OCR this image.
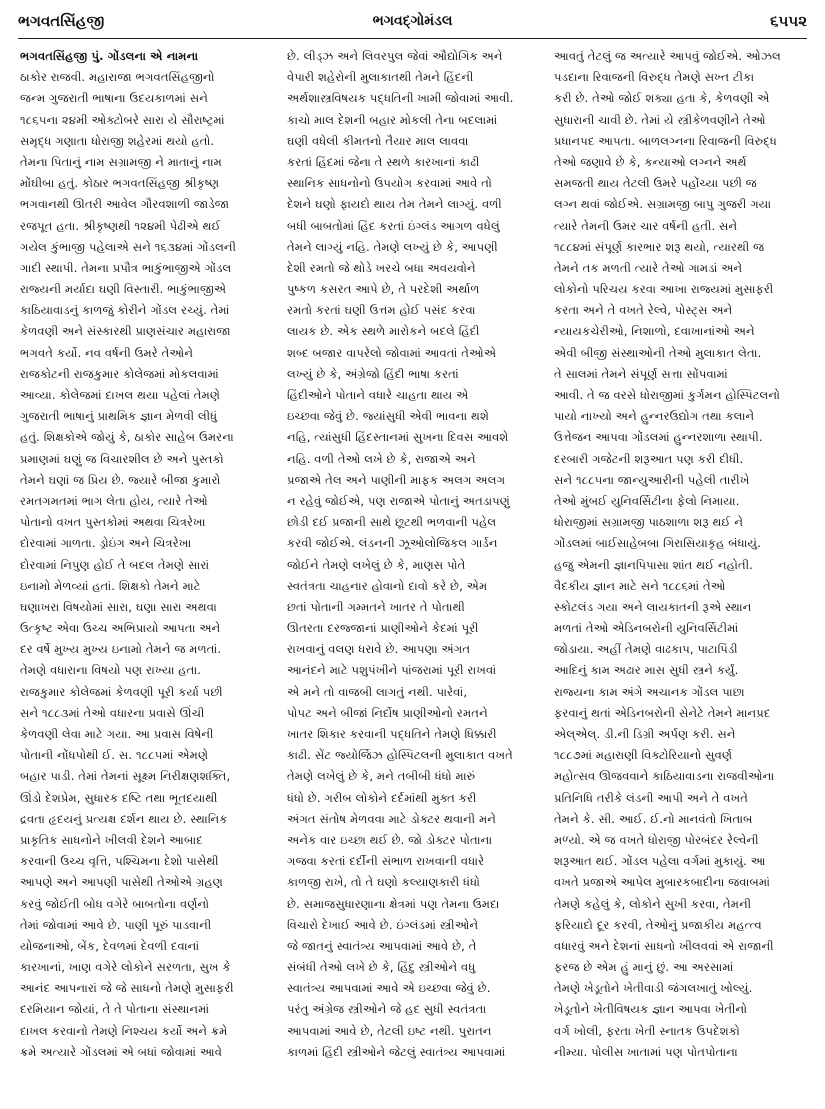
ભગવતસિંહજી	ભગવદ્ગોમંડલ	૬૫૫૨
ભગવતસિંહજી પું. ગોંડલના એ નામના
ઠાકોર રાજવી. મહારાજા ભગવતસિંહજીનો
જન્મ ગુજરાતી ભાષાના ઉદયકાળમાં સને
૧૮૬૫ના ૨૪મી ઓક્ટોબરે સારા યે સૌરાષ્ટ્રમાં
સમૃદ્ધ ગણાતા ધોરાજી શહેરમાં થયો હતો.
તેમના પિતાનું નામ સગ્રામજી ને માતાનું નામ
મોંઘીબા હતું. કોઠાર ભગવતસિંહજી શ્રીકૃષ્ણ
ભગવાનથી ઊતરી આવેલ ગૌરવશાળી જાડેજા
રજપૂત હતા. શ્રીકૃષ્ણથી ૧૨૪મી પેઢીએ થઈ
ગયેલ કુંભાજી પહેલાએ સને ૧૬૩૪માં ગોંડલની
ગાદી સ્થાપી. તેમના પ્રપૌત્ર ભાકુંભાજીએ ગોંડલ
રાજ્યની મર્યાદા ઘણી વિસ્તારી. ભાકુંભાજીએ
કાઠિયાવાડનું કાળજું કોરીને ગોંડલ રચ્યું. તેમાં
કેળવણી અને સંસ્કારથી પ્રાણસંચાર મહારાજા
ભગવતે કર્યો. નવ વર્ષની ઉમરે તેઓને
રાજકોટની રાજકુમાર કોલેજમાં મોકલવામાં
આવ્યા. કોલેજમાં દાખલ થયા પહેલાં તેમણે
ગુજરાતી ભાષાનું પ્રાથમિક જ્ઞાન મેળવી લીધું
હતું. શિક્ષકોએ જોયું કે, ઠાકોર સાહેબ ઉમરના
પ્રમાણમાં ઘણું જ વિચારશીલ છે અને પુસ્તકો
તેમને ઘણાં જ પ્રિય છે. જ્યારે બીજા કુમારો
રમતગમતમાં ભાગ લેતા હોય, ત્યારે તેઓ
પોતાનો વખત પુસ્તકોમાં અથવા ચિત્રરેખા
દોરવામાં ગાળતા. ડ્રોઇંગ અને ચિત્રરેખા
દોરવામાં નિપુણ હોઈ તે બદલ તેમણે સારાં
ઇનામો મેળવ્યાં હતાં. શિક્ષકો તેમને માટે
ઘણાખરા વિષયોમાં સારા, ઘણા સારા અથવા
ઉત્કૃષ્ટ એવા ઉચ્ચ અભિપ્રાયો આપતા અને
દર વર્ષે મુખ્ય મુખ્ય ઇનામો તેમને જ મળતાં.
તેમણે વધારાના વિષયો પણ રાખ્યા હતા.
રાજકુમાર કોલેજમાં કેળવણી પૂરી કર્યા પછી
સને ૧૮૮૩માં તેઓ વધારના પ્રવાસે ઊંચી
કેળવણી લેવા માટે ગયા. આ પ્રવાસ વિષેની
પોતાની નોંધપોથી ઈ. સ. ૧૮૮૫માં એમણે
બહાર પાડી. તેમાં તેમનાં સૂક્ષ્મ નિરીક્ષણશક્તિ,
ઊંડો દેશપ્રેમ, સુધારક દષ્ટિ તથા ભૂતદયાથી
દ્રવતા હૃદયનું પ્રત્યક્ષ દર્શન થાય છે. સ્થાનિક
પ્રાકૃતિક સાધનોને ખીલવી દેશને આબાદ
કરવાની ઉચ્ચ વૃત્તિ, પશ્ચિમના દેશો પાસેથી
આપણે અને આપણી પાસેથી તેઓએ ગ્રહણ
કરવું જોઈતી બોધ વગેરે બાબતોના વર્ણનો
તેમાં જોવામાં આવે છે. પાણી પૂરું પાડવાની
યોજનાઓ, બેંક, દેવળમાં દેવળી દવાનાં
કારખાનાં, ખાણ વગેરે લોકોને સરળતા, સુખ કે
આનંદ આપનારાં જે જે સાધનો તેમણે મુસાફરી
દરમિયાન જોયાં, તે તે પોતાના સંસ્થાનમાં
દાખલ કરવાનો તેમણે નિશ્ચય કર્યો અને ક્રમે
ક્રમે અત્યારે ગોંડલમાં એ બધાં જોવામાં આવે
છે. લીડ્ઝ અને લિવરપુલ જેવાં ઔદ્યોગિક અને
વેપારી શહેરોની મુલાકાતથી તેમને હિંદની
અર્થશાસ્ત્રવિષયક પદ્ધતિની ખામી જોવામાં આવી.
કાચો માલ દેશની બહાર મોકલી તેના બદલામાં
ઘણી વધેલી કીમતનો તૈયાર માલ લાવવા
કરતાં હિંદમાં જેના તે સ્થળે કારખાનાં કાઢી
સ્થાનિક સાધનોનો ઉપયોગ કરવામાં આવે તો
દેશને ઘણો ફાયદો થાય તેમ તેમને લાગ્યું. વળી
બધી બાબતોમાં હિંદ કરતાં ઇંગ્લંડ આગળ વધેલું
તેમને લાગ્યું નહિ. તેમણે લખ્યું છે કે, આપણી
દેશી રમતો જે થોડે ખરચે બધા અવયવોને
પુષ્કળ કસરત આપે છે, તે પરદેશી અર્થાળ
રમતો કરતાં ઘણી ઉત્તમ હોઈ પસંદ કરવા
લાયક છે. એક સ્થળે મારોકને બદલે હિંદી
શબ્દ બજાર વાપરેલો જોવામાં આવતાં તેઓએ
લખ્યું છે કે, અંગ્રેજો હિંદી ભાષા કરતાં
હિંદીઓને પોતાને વધારે ચાહતા થાય એ
ઇચ્છવા જેવું છે. જ્યાંસુધી એવી ભાવના થશે
નહિ, ત્યાંસુધી હિંદસ્તાનમાં સુખના દિવસ આવશે
નહિ. વળી તેઓ લખે છે કે, રાજાએ અને
પ્રજાએ તેલ અને પાણીની માફક અલગ અલગ
ન રહેવું જોઈએ, પણ રાજાએ પોતાનું અતડાપણું
છોડી દઈ પ્રજાની સાથે છૂટથી ભળવાની પહેલ
કરવી જોઈએ. લંડનની ઝૂઓલોજિકલ ગાર્ડન
જોઈને તેમણે લખેલું છે કે, માણસ પોતે
સ્વતંત્રતા ચાહનાર હોવાનો દાવો કરે છે, એમ
છતાં પોતાની ગમ્મતને ખાતર તે પોતાથી
ઊતરતા દરજ્જાનાં પ્રાણીઓને કેદમાં પૂરી
રાખવાનું વલણ ધરાવે છે. આપણા અંગત
આનંદને માટે પશુપંખીને પાંજરામાં પૂરી રાખવાં
એ મને તો વાજબી લાગતું નથી. પારેવાં,
પોપટ અને બીજાં નિર્દોષ પ્રાણીઓનો રમતને
ખાતર શિકાર કરવાની પદ્ધતિને તેમણે ધિક્કારી
કાઢી. સેંટ જ્યોર્જિઝ હોસ્પિટલની મુલાકાત વખતે
તેમણે લખેલું છે કે, મને તબીબી ધંધો મારું
ધંધો છે. ગરીબ લોકોને દર્દમાંથી મુક્ત કરી
અંગત સંતોષ મેળવવા માટે ડોક્ટર થવાની મને
અનેક વાર ઇચ્છા થઈ છે. જો ડોક્ટર પોતાના
ગજવા કરતાં દર્દીની સંભાળ રાખવાની વધારે
કાળજી રાખે, તો તે ઘણો કલ્યાણકારી ધંધો
છે. સમાજસુધારણાના ક્ષેત્રમાં પણ તેમના ઉમદા
વિચારો દેખાઈ આવે છે. ઇંગ્લંડમાં સ્ત્રીઓને
જે જાતનું સ્વાતંત્ર્ય આપવામાં આવે છે, તે
સંબંધી તેઓ લખે છે કે, હિંદુ સ્ત્રીઓને વધુ
સ્વાતંત્ર્ય આપવામાં આવે એ ઇચ્છવા જેવું છે.
પરંતુ અંગ્રેજ સ્ત્રીઓને જે હદ સુધી સ્વતંત્રતા
આપવામાં આવે છે, તેટલી ઇષ્ટ નથી. પુરાતન
કાળમાં હિંદી સ્ત્રીઓને જેટલું સ્વાતંત્ર્ય આપવામાં
આવતું તેટલું જ અત્યારે આપવું જોઈએ. ઓઝલ
પડદાના રિવાજની વિરુદ્ધ તેમણે સખ્ત ટીકા
કરી છે. તેઓ જોઈ શક્યા હતા કે, કેળવણી એ
સુધારાની ચાવી છે. તેમાં યે સ્ત્રીકેળવણીને તેઓ
પ્રધાનપદ આપતા. બાળલગ્નના રિવાજની વિરુદ્ધ
તેઓ જણાવે છે કે, કન્યાઓ લગ્નને અર્થ
સમજતી થાય તેટલી ઉમરે પહોંચ્યા પછી જ
લગ્ન થવાં જોઈએ. સગ્રામજી બાપુ ગુજરી ગયા
ત્યારે તેમની ઉમર ચાર વર્ષની હતી. સને
૧૮૮૪માં સંપૂર્ણ કારભાર શરૂ થયો, ત્યારથી જ
તેમને તક મળતી ત્યારે તેઓ ગામડાં અને
લોકોનો પરિચય કરવા આખા રાજ્યમાં મુસાફરી
કરતા અને તે વખતે રેલ્વે, પોસ્ટ્સ અને
ન્યાયકચેરીઓ, નિશાળો, દવાખાનાંઓ અને
એવી બીજી સંસ્થાઓની તેઓ મુલાકાત લેતા.
તે સાલમાં તેમને સંપૂર્ણ સત્તા સોંપવામાં
આવી. તે જ વરસે ધોરાજીમાં કુર્ગમન હોસ્પિટલનો
પાયો નાખ્યો અને હુન્નરઉદ્યોગ તથા કલાને
ઉત્તેજન આપવા ગોંડલમાં હુન્નરશાળા સ્થાપી.
દરબારી ગજેટની શરૂઆત પણ કરી દીધી.
સને ૧૮૮૫ના જાન્યુઆરીની પહેલી તારીખે
તેઓ મુંબઈ યુનિવર્સિટીના ફેલો નિમાયા.
ધોરાજીમાં સગ્રામજી પાઠશાળા શરૂ થઈ ને
ગોંડલમાં બાઈસાહેબબા ગિરાસિયાકૃહ બંધાયું.
હજુ એમની જ્ઞાનપિપાસા શાંત થઈ નહોતી.
વૈદકીય જ્ઞાન માટે સને ૧૮૮૬માં તેઓ
સ્કોટલંડ ગયા અને લાયકાતની રૂએ સ્થાન
મળતાં તેઓ એડિનબરોની યુનિવર્સિટીમાં
જોડાયા. અહીં તેમણે વાઢકાપ, પાટાપિંડી
આદિનું કામ અઢાર માસ સુધી સ્ત્રને કર્યું.
રાજ્યના કામ અંગે અચાનક ગોંડલ પાછા
ફરવાનું થતાં એડિનબરોની સેનેટે તેમને માનપ્રદ
એલ્એલ્. ડી.ની ડિગ્રી અર્પણ કરી. સને
૧૮૮૭માં મહારાણી વિક્ટોરિયાનો સુવર્ણ
મહોત્સવ ઊજવવાને કાઠિયાવાડના રાજવીઓના
પ્રતિનિધિ તરીકે લંડની આપી અને તે વખતે
તેમને કે. સી. આઈ. ઈ.નો માનવંતો ખિતાબ
મળ્યો. એ જ વખતે ધોરાજી પોરબંદર રેલ્વેની
શરૂઆત થઈ. ગોંડલ પહેલા વર્ગમાં મુકાયું. આ
વખતે પ્રજાએ આપેલ મુબારકબાદીના જવાબમાં
તેમણે કહેલું કે, લોકોને સુખી કરવા, તેમની
ફરિયાદો દૂર કરવી, તેઓનું પ્રજાકીય મહત્ત્વ
વધારવું અને દેશનાં સાધનો ખીલવવાં એ રાજાની
ફરજ છે એમ હું માનું છું. આ અરસામાં
તેમણે ખેડૂતોને ખેતીવાડી જંગલખાતું ખોલ્યું.
ખેડૂતોને ખેતીવિષયક જ્ઞાન આપવા ખેતીનો
વર્ગ ખોલી, ફરતા ખેતી સ્નાતક ઉપદેશકો
નીમ્યા. પોલીસ ખાતામાં પણ પોતપોતાના
